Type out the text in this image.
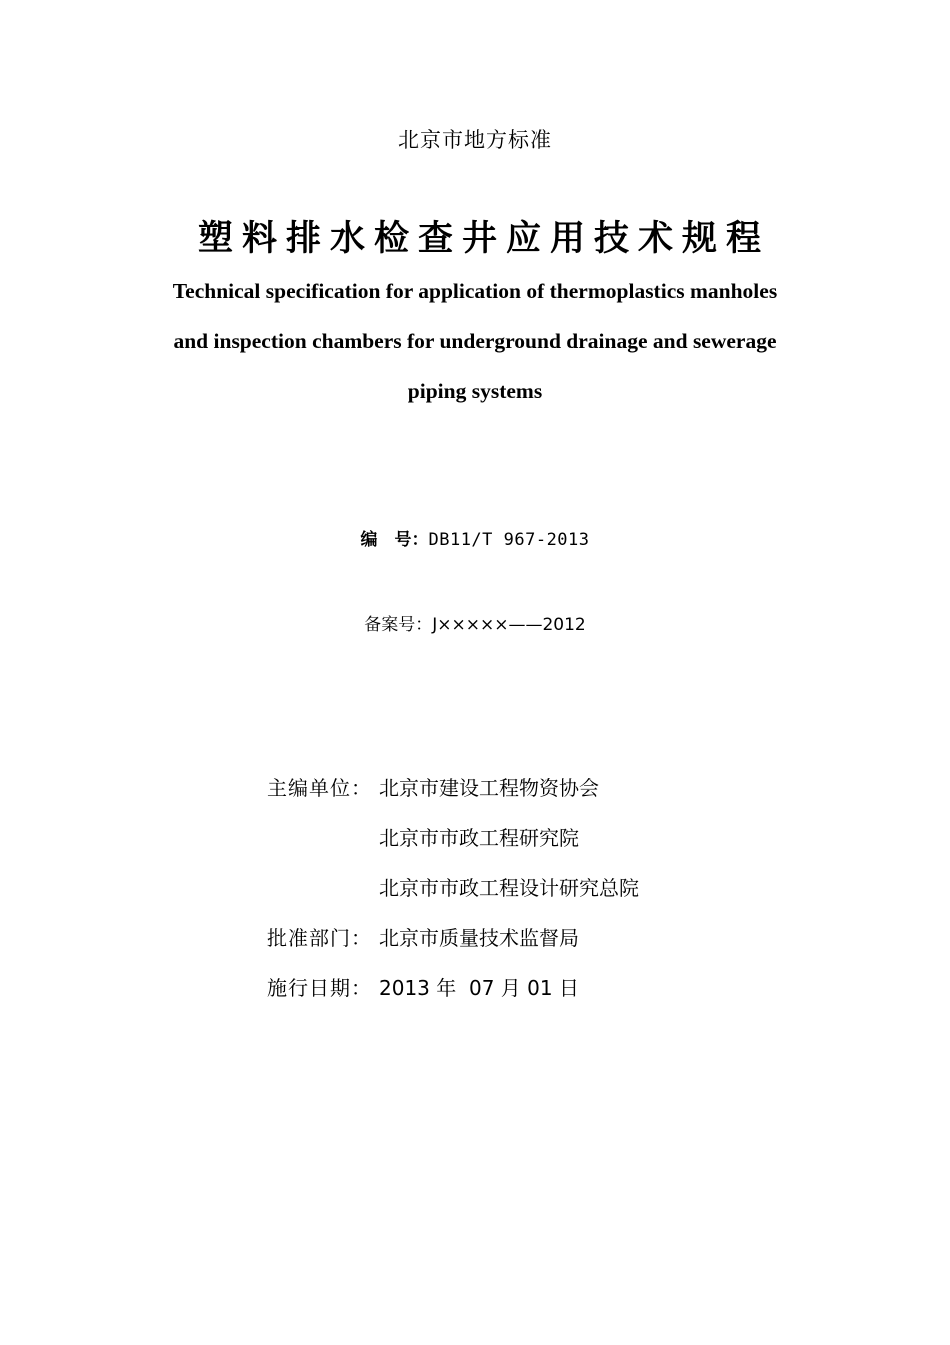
北京市地方标准
塑料排水检查井应用技术规程
Technical specification for application of thermoplastics manholes
and inspection chambers for underground drainage and sewerage
piping systems
编　号：DB11/T 967-2013
备案号：J×××××——2012
主编单位： 北京市建设工程物资协会
北京市市政工程研究院
北京市市政工程设计研究总院
批准部门： 北京市质量技术监督局
施行日期： 2013 年  07 月 01 日
